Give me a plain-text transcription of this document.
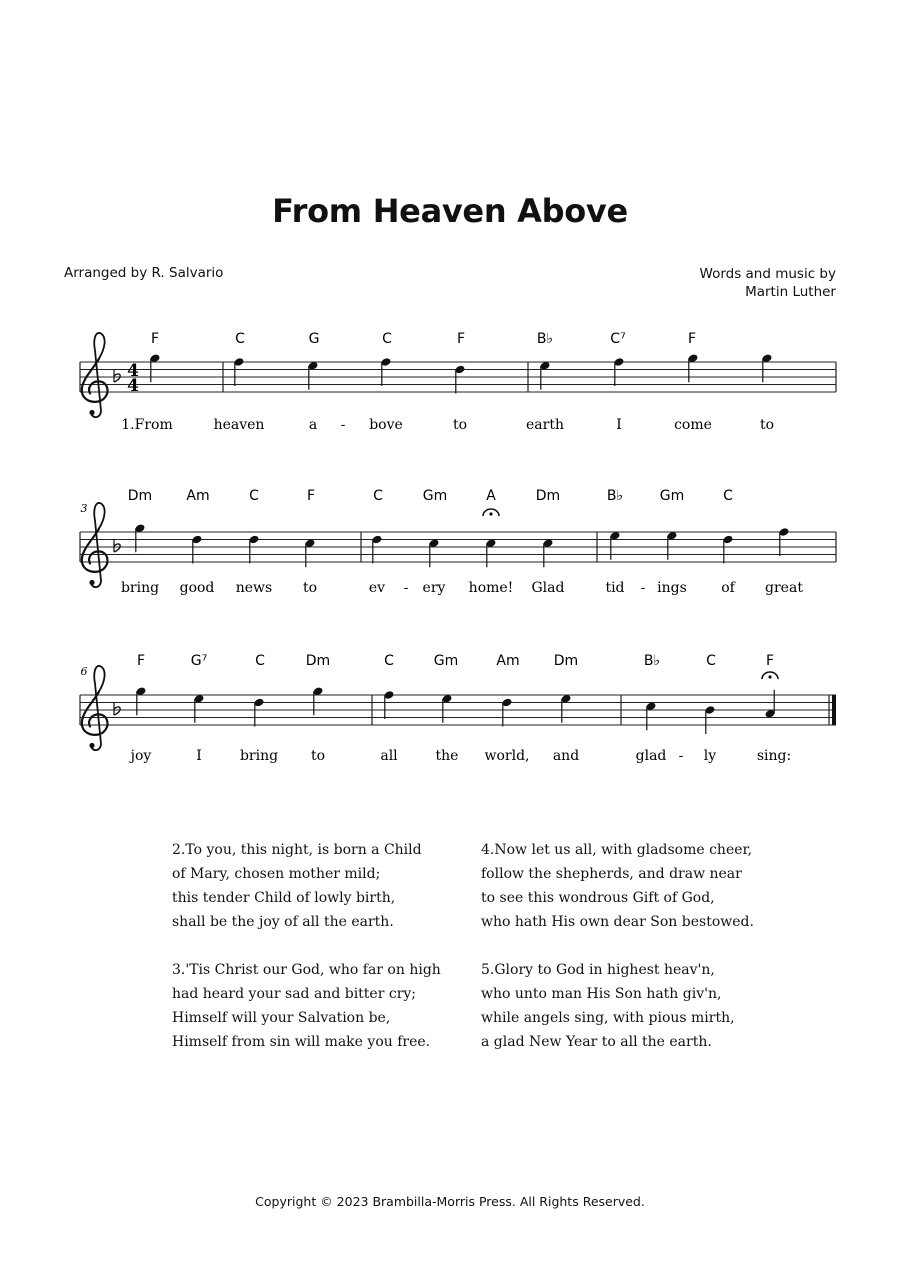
From Heaven Above
Arranged by R. Salvario	Words and music by
Martin Luther
4
4
F	C	G	C	F	B♭	C⁷	F
1.From	heaven	a - bove	to	earth	I	come	to
3
Dm Am	C	F	C	Gm	A	Dm	B♭	Gm	C
bring good news to	ev - ery home! Glad	tid - ings of great
6
F	G⁷	C	Dm	C	Gm	Am Dm	B♭	C	F
joy	I	bring to	all	the world, and	glad - ly	sing:
2.To you, this night, is born a Child
of Mary, chosen mother mild;
this tender Child of lowly birth,
shall be the joy of all the earth.
3.'Tis Christ our God, who far on high
had heard your sad and bitter cry;
Himself will your Salvation be,
Himself from sin will make you free.
4.Now let us all, with gladsome cheer,
follow the shepherds, and draw near
to see this wondrous Gift of God,
who hath His own dear Son bestowed.
5.Glory to God in highest heav'n,
who unto man His Son hath giv'n,
while angels sing, with pious mirth,
a glad New Year to all the earth.
Copyright © 2023 Brambilla-Morris Press. All Rights Reserved.
